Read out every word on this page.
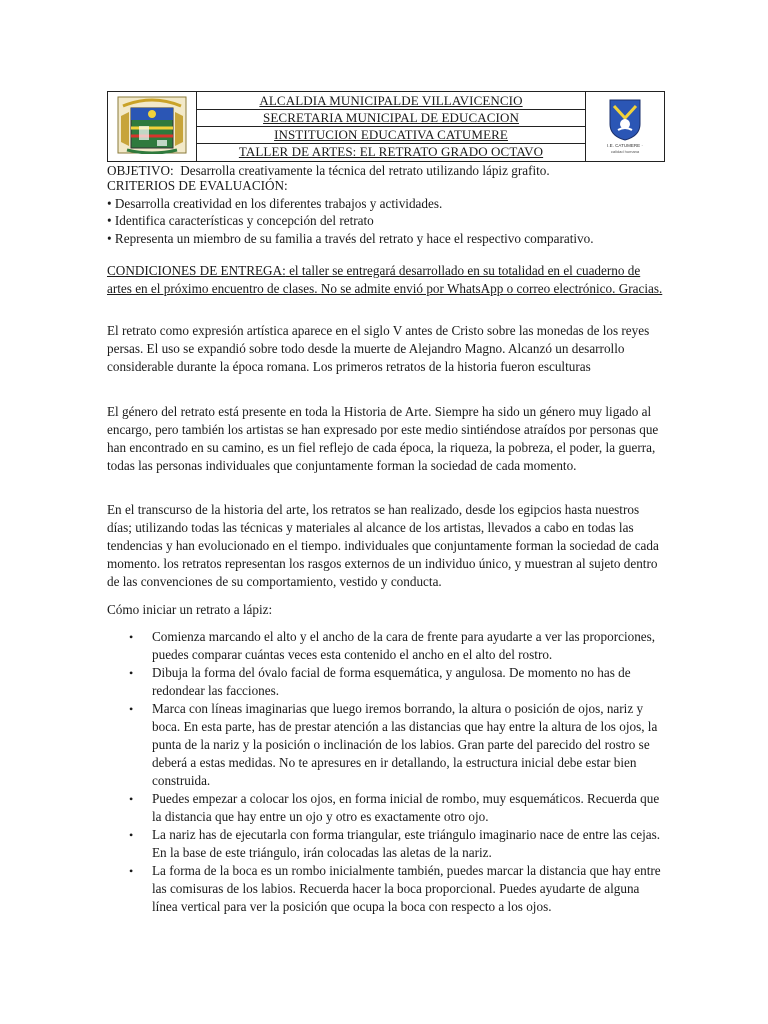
ALCALDIA MUNICIPALDE VILLAVICENCIO
SECRETARIA MUNICIPAL DE EDUCACION
INSTITUCION EDUCATIVA CATUMERE
TALLER DE ARTES: EL RETRATO GRADO OCTAVO	I.E. CATUMERE ·
calidad humana

OBJETIVO: Desarrolla creativamente la técnica del retrato utilizando lápiz grafito.

CRITERIOS DE EVALUACIÓN:

• Desarrolla creatividad en los diferentes trabajos y actividades.

• Identifica características y concepción del retrato

• Representa un miembro de su familia a través del retrato y hace el respectivo comparativo.

CONDICIONES DE ENTREGA: el taller se entregará desarrollado en su totalidad en el cuaderno de artes en el próximo encuentro de clases. No se admite envió por WhatsApp o correo electrónico. Gracias.

El retrato como expresión artística aparece en el siglo V antes de Cristo sobre las monedas de los reyes persas. El uso se expandió sobre todo desde la muerte de Alejandro Magno. Alcanzó un desarrollo considerable durante la época romana. Los primeros retratos de la historia fueron esculturas

El género del retrato está presente en toda la Historia de Arte. Siempre ha sido un género muy ligado al encargo, pero también los artistas se han expresado por este medio sintiéndose atraídos por personas que han encontrado en su camino, es un fiel reflejo de cada época, la riqueza, la pobreza, el poder, la guerra, todas las personas individuales que conjuntamente forman la sociedad de cada momento.

En el transcurso de la historia del arte, los retratos se han realizado, desde los egipcios hasta nuestros días; utilizando todas las técnicas y materiales al alcance de los artistas, llevados a cabo en todas las tendencias y han evolucionado en el tiempo. individuales que conjuntamente forman la sociedad de cada momento. los retratos representan los rasgos externos de un individuo único, y muestran al sujeto dentro de las convenciones de su comportamiento, vestido y conducta.

Cómo iniciar un retrato a lápiz:

• Comienza marcando el alto y el ancho de la cara de frente para ayudarte a ver las proporciones, puedes comparar cuántas veces esta contenido el ancho en el alto del rostro.
• Dibuja la forma del óvalo facial de forma esquemática, y angulosa. De momento no has de redondear las facciones.
• Marca con líneas imaginarias que luego iremos borrando, la altura o posición de ojos, nariz y boca. En esta parte, has de prestar atención a las distancias que hay entre la altura de los ojos, la punta de la nariz y la posición o inclinación de los labios. Gran parte del parecido del rostro se deberá a estas medidas. No te apresures en ir detallando, la estructura inicial debe estar bien construida.
• Puedes empezar a colocar los ojos, en forma inicial de rombo, muy esquemáticos. Recuerda que la distancia que hay entre un ojo y otro es exactamente otro ojo.
• La nariz has de ejecutarla con forma triangular, este triángulo imaginario nace de entre las cejas. En la base de este triángulo, irán colocadas las aletas de la nariz.
• La forma de la boca es un rombo inicialmente también, puedes marcar la distancia que hay entre las comisuras de los labios. Recuerda hacer la boca proporcional. Puedes ayudarte de alguna línea vertical para ver la posición que ocupa la boca con respecto a los ojos.
